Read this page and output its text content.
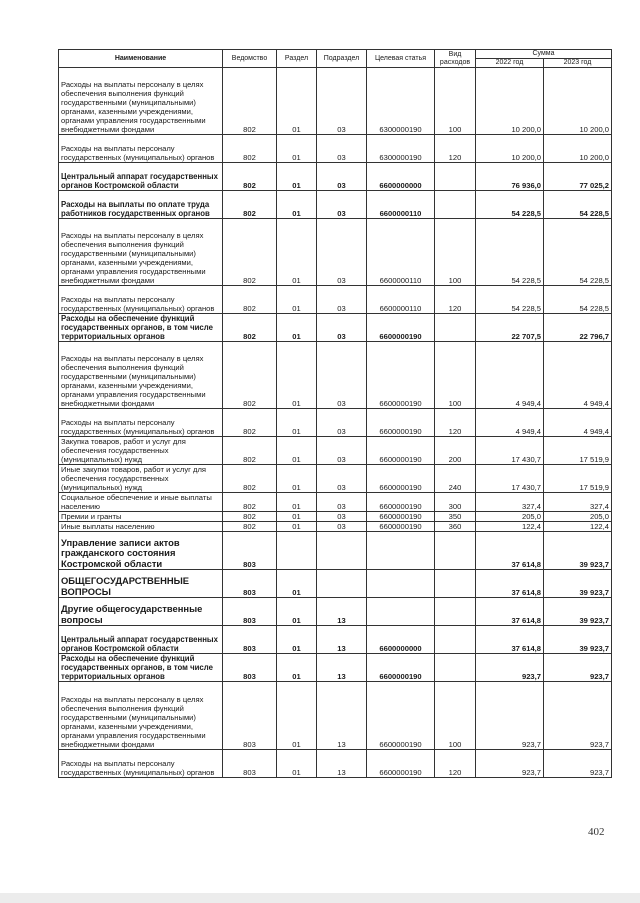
Наименование	Ведомство	Раздел	Подраздел	Целевая статья	Вид расходов	Сумма	
						2022 год	2023 год
Расходы на выплаты персоналу в целях обеспечения выполнения функций государственными (муниципальными) органами, казенными учреждениями, органами управления государственными внебюджетными фондами	802	01	03	6300000190	100	10 200,0	10 200,0
Расходы на выплаты персоналу государственных (муниципальных) органов	802	01	03	6300000190	120	10 200,0	10 200,0
Центральный аппарат государственных органов Костромской области	802	01	03	6600000000		76 936,0	77 025,2
Расходы на выплаты по оплате труда работников государственных органов	802	01	03	6600000110		54 228,5	54 228,5
Расходы на выплаты персоналу в целях обеспечения выполнения функций государственными (муниципальными) органами, казенными учреждениями, органами управления государственными внебюджетными фондами	802	01	03	6600000110	100	54 228,5	54 228,5
Расходы на выплаты персоналу государственных (муниципальных) органов	802	01	03	6600000110	120	54 228,5	54 228,5
Расходы на обеспечение функций государственных органов, в том числе территориальных органов	802	01	03	6600000190		22 707,5	22 796,7
Расходы на выплаты персоналу в целях обеспечения выполнения функций государственными (муниципальными) органами, казенными учреждениями, органами управления государственными внебюджетными фондами	802	01	03	6600000190	100	4 949,4	4 949,4
Расходы на выплаты персоналу государственных (муниципальных) органов	802	01	03	6600000190	120	4 949,4	4 949,4
Закупка товаров, работ и услуг для обеспечения государственных (муниципальных) нужд	802	01	03	6600000190	200	17 430,7	17 519,9
Иные закупки товаров, работ и услуг для обеспечения государственных (муниципальных) нужд	802	01	03	6600000190	240	17 430,7	17 519,9
Социальное обеспечение и иные выплаты населению	802	01	03	6600000190	300	327,4	327,4
Премии и гранты	802	01	03	6600000190	350	205,0	205,0
Иные выплаты населению	802	01	03	6600000190	360	122,4	122,4
Управление записи актов гражданского состояния Костромской области	803					37 614,8	39 923,7
ОБЩЕГОСУДАРСТВЕННЫЕ ВОПРОСЫ	803	01				37 614,8	39 923,7
Другие общегосударственные вопросы	803	01	13			37 614,8	39 923,7
Центральный аппарат государственных органов Костромской области	803	01	13	6600000000		37 614,8	39 923,7
Расходы на обеспечение функций государственных органов, в том числе территориальных органов	803	01	13	6600000190		923,7	923,7
Расходы на выплаты персоналу в целях обеспечения выполнения функций государственными (муниципальными) органами, казенными учреждениями, органами управления государственными внебюджетными фондами	803	01	13	6600000190	100	923,7	923,7
Расходы на выплаты персоналу государственных (муниципальных) органов	803	01	13	6600000190	120	923,7	923,7
402
